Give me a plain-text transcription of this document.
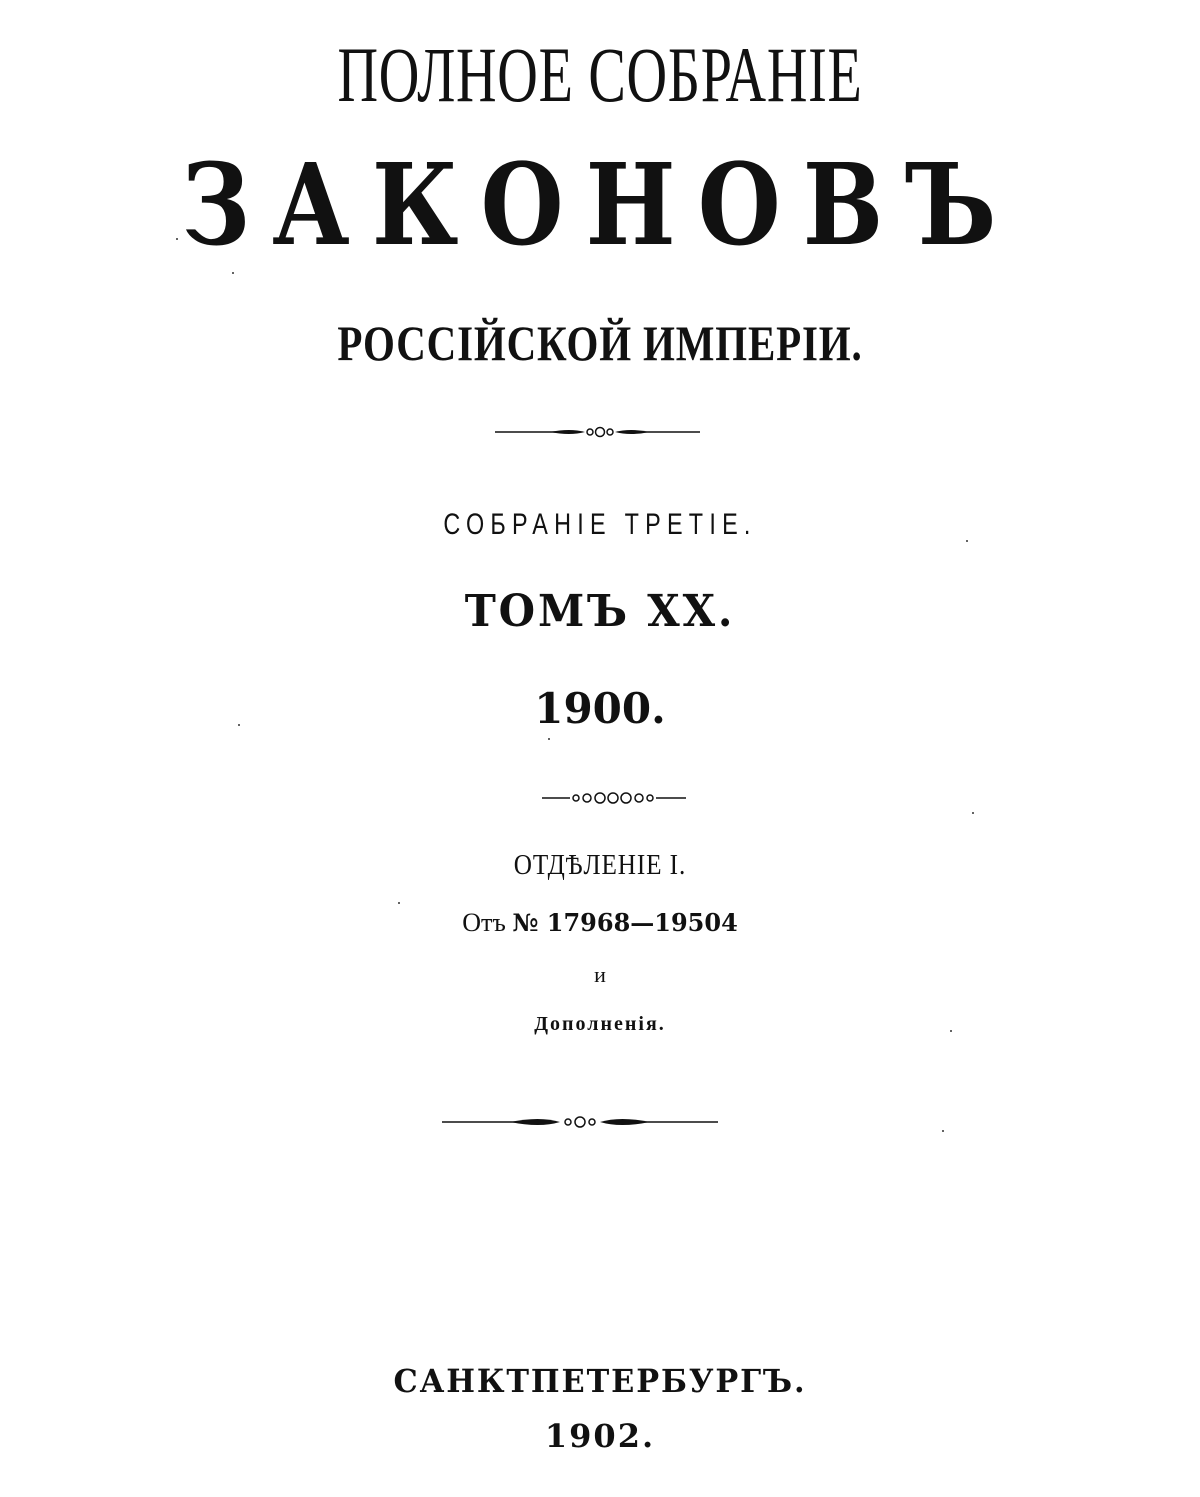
ПОЛНОЕ СОБРАНІЕ
ЗАКОНОВЪ
РОССІЙСКОЙ ИМПЕРІИ.
СОБРАНІЕ ТРЕТІЕ.
ТОМЪ XX.
1900.
ОТДѢЛЕНІЕ I.
Отъ № 17968—19504
и
Дополненія.
САНКТПЕТЕРБУРГЪ.
1902.
